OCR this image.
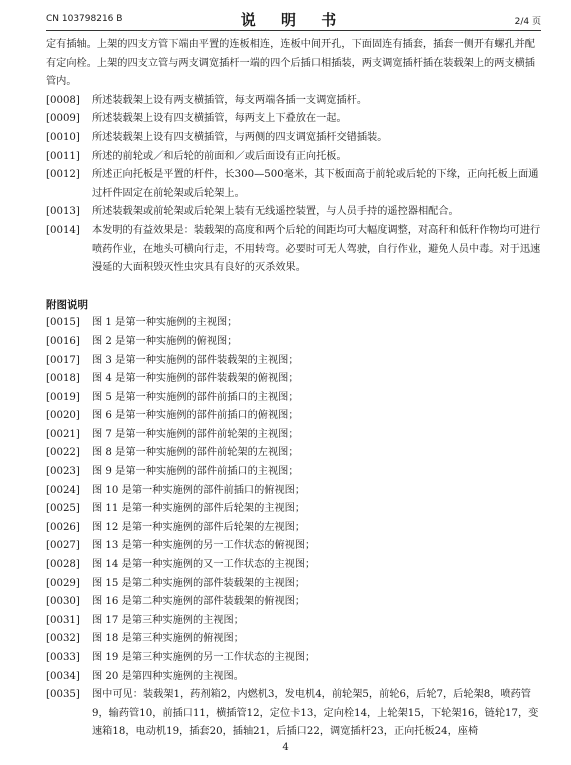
CN 103798216 B	说 明 书	2/4 页

定有插轴。上架的四支方管下端由平置的连板相连，连板中间开孔，下面固连有插套，插套一侧开有螺孔并配有定向栓。上架的四支立管与两支调宽插杆一端的四个后插口相插装，两支调宽插杆插在装载架上的两支横插管内。

[0008]	所述装载架上设有两支横插管，每支两端各插一支调宽插杆。

[0009]	所述装载架上设有四支横插管，每两支上下叠放在一起。

[0010]	所述装载架上设有四支横插管，与两侧的四支调宽插杆交错插装。

[0011]	所述的前轮或／和后轮的前面和／或后面设有正向托板。

[0012]	所述正向托板是平置的杆件，长300—500毫米，其下板面高于前轮或后轮的下缘，正向托板上面通过杆件固定在前轮架或后轮架上。

[0013]	所述装载架或前轮架或后轮架上装有无线遥控装置，与人员手持的遥控器相配合。

[0014]	本发明的有益效果是：装载架的高度和两个后轮的间距均可大幅度调整，对高秆和低秆作物均可进行喷药作业，在地头可横向行走，不用转弯。必要时可无人驾驶，自行作业，避免人员中毒。对于迅速漫延的大面积毁灭性虫灾具有良好的灭杀效果。

附图说明
[0015]	图 1 是第一种实施例的主视图；

[0016]	图 2 是第一种实施例的俯视图；

[0017]	图 3 是第一种实施例的部件装载架的主视图；

[0018]	图 4 是第一种实施例的部件装载架的俯视图；

[0019]	图 5 是第一种实施例的部件前插口的主视图；

[0020]	图 6 是第一种实施例的部件前插口的俯视图；

[0021]	图 7 是第一种实施例的部件前轮架的主视图；

[0022]	图 8 是第一种实施例的部件前轮架的左视图；

[0023]	图 9 是第一种实施例的部件前插口的主视图；

[0024]	图 10 是第一种实施例的部件前插口的俯视图；

[0025]	图 11 是第一种实施例的部件后轮架的主视图；

[0026]	图 12 是第一种实施例的部件后轮架的左视图；

[0027]	图 13 是第一种实施例的另一工作状态的俯视图；

[0028]	图 14 是第一种实施例的又一工作状态的主视图；

[0029]	图 15 是第二种实施例的部件装载架的主视图；

[0030]	图 16 是第二种实施例的部件装载架的俯视图；

[0031]	图 17 是第三种实施例的主视图；

[0032]	图 18 是第三种实施例的俯视图；

[0033]	图 19 是第三种实施例的另一工作状态的主视图；

[0034]	图 20 是第四种实施例的主视图。

[0035]	图中可见：装载架1，药剂箱2，内燃机3，发电机4，前轮架5，前轮6，后轮7，后轮架8，喷药管9，输药管10，前插口11，横插管12，定位卡13，定向栓14，上轮架15，下轮架16，链轮17，变速箱18，电动机19，插套20，插轴21，后插口22，调宽插杆23，正向托板24，座椅

4
